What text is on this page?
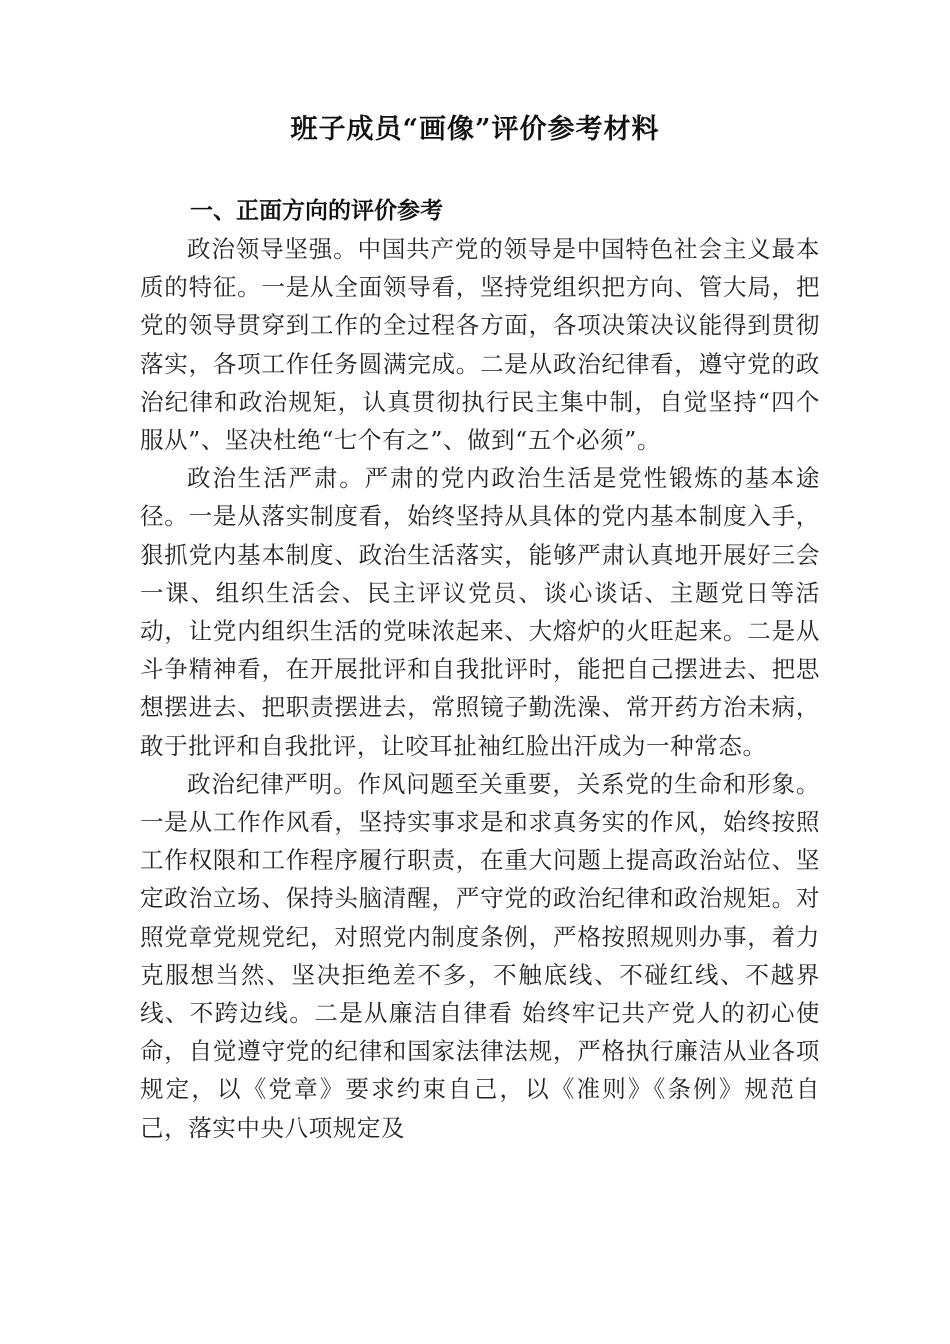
班子成员“画像”评价参考材料
一、正面方向的评价参考

政治领导坚强。中国共产党的领导是中国特色社会主义最本质的特征。一是从全面领导看，坚持党组织把方向、管大局，把党的领导贯穿到工作的全过程各方面，各项决策决议能得到贯彻落实，各项工作任务圆满完成。二是从政治纪律看，遵守党的政治纪律和政治规矩，认真贯彻执行民主集中制，自觉坚持“四个服从”、坚决杜绝“七个有之”、做到“五个必须”。

政治生活严肃。严肃的党内政治生活是党性锻炼的基本途径。一是从落实制度看，始终坚持从具体的党内基本制度入手，狠抓党内基本制度、政治生活落实，能够严肃认真地开展好三会一课、组织生活会、民主评议党员、谈心谈话、主题党日等活动，让党内组织生活的党味浓起来、大熔炉的火旺起来。二是从斗争精神看，在开展批评和自我批评时，能把自己摆进去、把思想摆进去、把职责摆进去，常照镜子勤洗澡、常开药方治未病，敢于批评和自我批评，让咬耳扯袖红脸出汗成为一种常态。

政治纪律严明。作风问题至关重要，关系党的生命和形象。一是从工作作风看，坚持实事求是和求真务实的作风，始终按照工作权限和工作程序履行职责，在重大问题上提高政治站位、坚定政治立场、保持头脑清醒，严守党的政治纪律和政治规矩。对照党章党规党纪，对照党内制度条例，严格按照规则办事，着力克服想当然、坚决拒绝差不多，不触底线、不碰红线、不越界线、不跨边线。二是从廉洁自律看 始终牢记共产党人的初心使命，自觉遵守党的纪律和国家法律法规，严格执行廉洁从业各项规定，以《党章》要求约束自己，以《准则》《条例》规范自己，落实中央八项规定及
